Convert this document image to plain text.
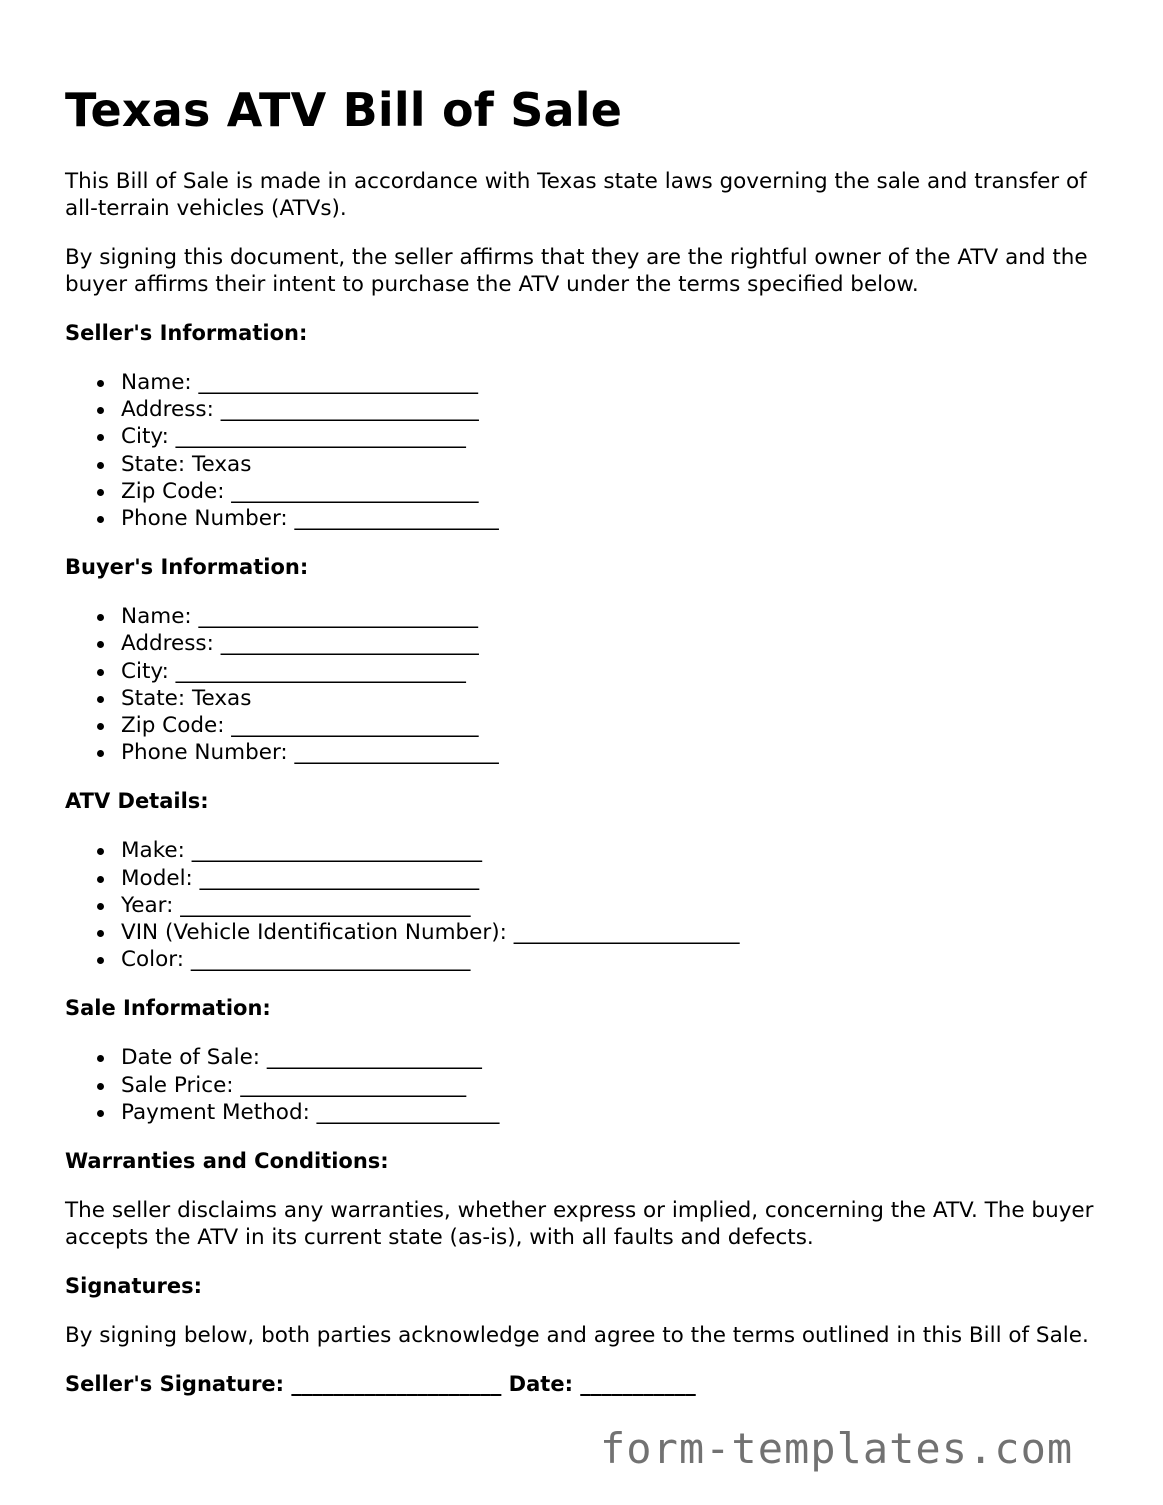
Texas ATV Bill of Sale

This Bill of Sale is made in accordance with Texas state laws governing the sale and transfer of all-terrain vehicles (ATVs).

By signing this document, the seller affirms that they are the rightful owner of the ATV and the buyer affirms their intent to purchase the ATV under the terms specified below.

Seller's Information:
Name: __________________________
Address: ________________________
City: ___________________________
State: Texas
Zip Code: _______________________
Phone Number: ___________________
Buyer's Information:
Name: __________________________
Address: ________________________
City: ___________________________
State: Texas
Zip Code: _______________________
Phone Number: ___________________
ATV Details:
Make: ___________________________
Model: __________________________
Year: ___________________________
VIN (Vehicle Identification Number): _____________________
Color: __________________________
Sale Information:
Date of Sale: ____________________
Sale Price: _____________________
Payment Method: _________________
Warranties and Conditions:

The seller disclaims any warranties, whether express or implied, concerning the ATV. The buyer accepts the ATV in its current state (as-is), with all faults and defects.

Signatures:

By signing below, both parties acknowledge and agree to the terms outlined in this Bill of Sale.

Seller's Signature: ____________________ Date: ___________
form-templates.com
